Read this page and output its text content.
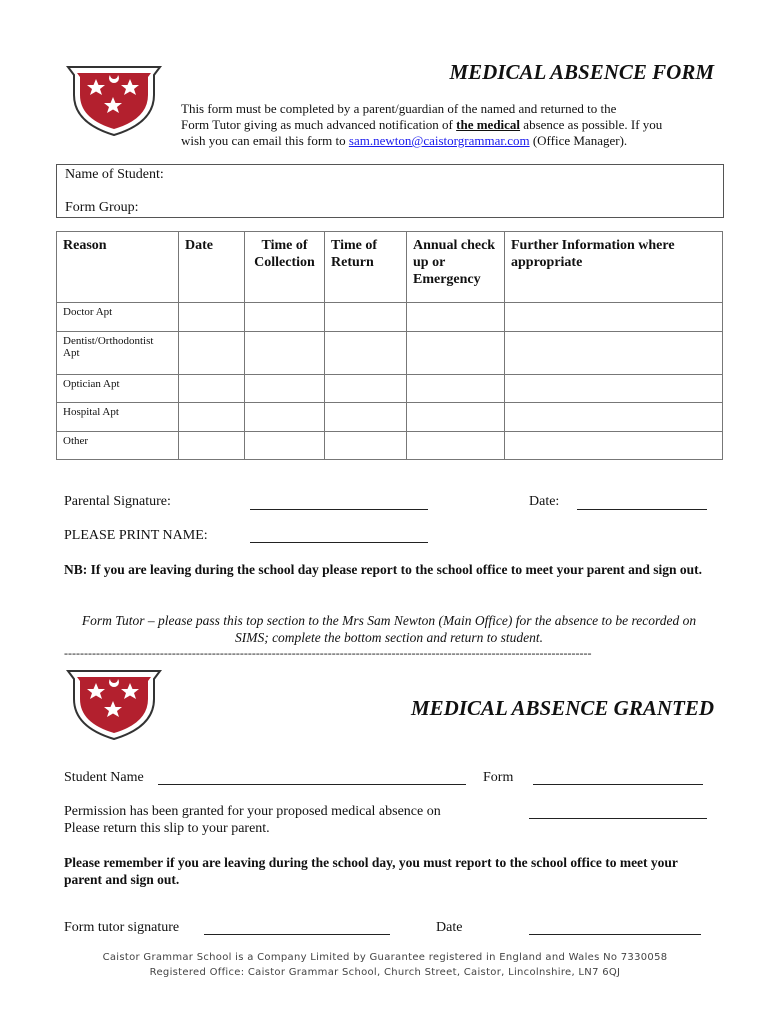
MEDICAL ABSENCE FORM
This form must be completed by a parent/guardian of the named and returned to the
Form Tutor giving as much advanced notification of the medical absence as possible. If you
wish you can email this form to sam.newton@caistorgrammar.com (Office Manager).
Name of Student:
Form Group:
Reason	Date	Time of Collection	Time of Return	Annual check up or Emergency	Further Information where appropriate
Doctor Apt					
Dentist/Orthodontist Apt					
Optician Apt					
Hospital Apt					
Other					
Parental Signature:	Date:
PLEASE PRINT NAME:
NB: If you are leaving during the school day please report to the school office to meet your parent and sign out.
Form Tutor – please pass this top section to the Mrs Sam Newton (Main Office) for the absence to be recorded on SIMS; complete the bottom section and return to student.
------------------------------------------------------------------------------------------------------------------------------------
MEDICAL ABSENCE GRANTED
Student Name	Form
Permission has been granted for your proposed medical absence on
Please return this slip to your parent.
Please remember if you are leaving during the school day, you must report to the school office to meet your parent and sign out.
Form tutor signature	Date
Caistor Grammar School is a Company Limited by Guarantee registered in England and Wales No 7330058
Registered Office: Caistor Grammar School, Church Street, Caistor, Lincolnshire, LN7 6QJ
